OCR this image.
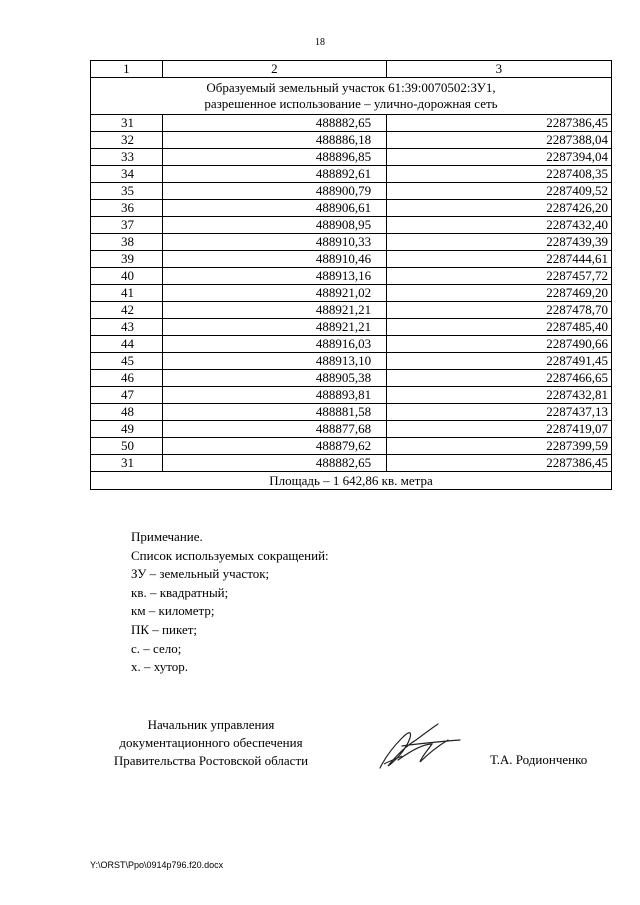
18
1	2	3

Образуемый земельный участок 61:39:0070502:ЗУ1,
разрешенное использование – улично-дорожная сеть		

31	488882,65	2287386,45
32	488886,18	2287388,04
33	488896,85	2287394,04
34	488892,61	2287408,35
35	488900,79	2287409,52
36	488906,61	2287426,20
37	488908,95	2287432,40
38	488910,33	2287439,39
39	488910,46	2287444,61
40	488913,16	2287457,72
41	488921,02	2287469,20
42	488921,21	2287478,70
43	488921,21	2287485,40
44	488916,03	2287490,66
45	488913,10	2287491,45
46	488905,38	2287466,65
47	488893,81	2287432,81
48	488881,58	2287437,13
49	488877,68	2287419,07
50	488879,62	2287399,59
31	488882,65	2287386,45
Площадь – 1 642,86 кв. метра		
Примечание.
Список используемых сокращений:
ЗУ – земельный участок;
кв. – квадратный;
км – километр;
ПК – пикет;
с. – село;
х. – хутор.
Начальник управления
документационного обеспечения
Правительства Ростовской области	Т.А. Родионченко
Y:\ORST\Ppo\0914p796.f20.docx
